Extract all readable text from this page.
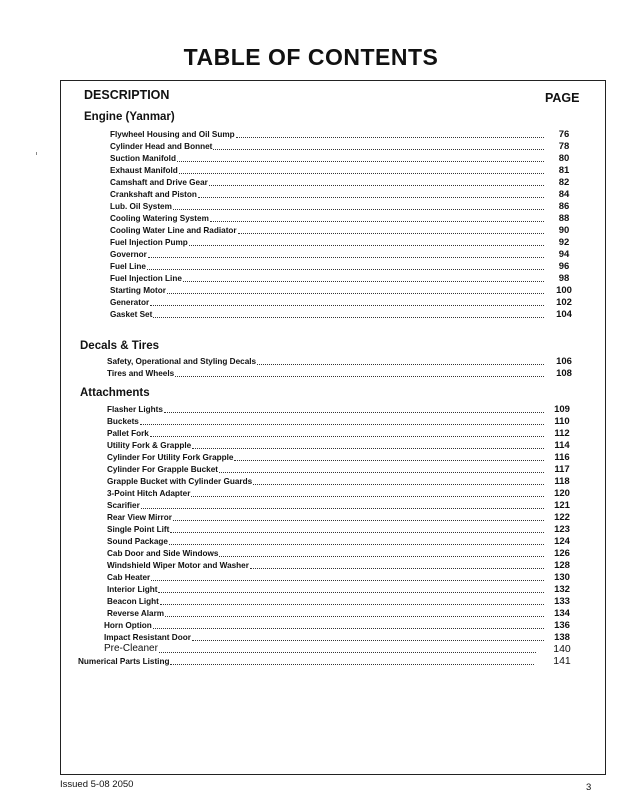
TABLE OF CONTENTS
DESCRIPTION	PAGE
Engine (Yanmar)
Decals & Tires
Attachments
Flywheel Housing and Oil Sump	76
Cylinder Head and Bonnet	78
Suction Manifold	80
Exhaust Manifold	81
Camshaft and Drive Gear	82
Crankshaft and Piston	84
Lub. Oil System	86
Cooling Watering System	88
Cooling Water Line and Radiator	90
Fuel Injection Pump	92
Governor	94
Fuel Line	96
Fuel Injection Line	98
Starting Motor	100
Generator	102
Gasket Set	104
Safety, Operational and Styling Decals	106
Tires and Wheels	108
Flasher Lights	109
Buckets	110
Pallet Fork	112
Utility Fork & Grapple	114
Cylinder For Utility Fork Grapple	116
Cylinder For Grapple Bucket	117
Grapple Bucket with Cylinder Guards	118
3-Point Hitch Adapter	120
Scarifier	121
Rear View Mirror	122
Single Point Lift	123
Sound Package	124
Cab Door and Side Windows	126
Windshield Wiper Motor and Washer	128
Cab Heater	130
Interior Light	132
Beacon Light	133
Reverse Alarm	134
Horn Option	136
Impact Resistant Door	138
Pre-Cleaner	140
Numerical Parts Listing	141
Issued 5-08 2050	3
